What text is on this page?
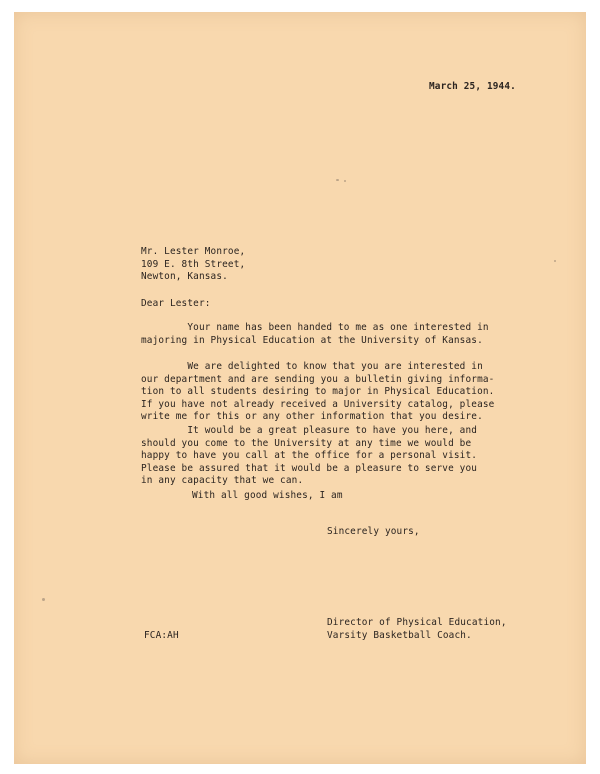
March 25, 1944.

Mr. Lester Monroe,
109 E. 8th Street,
Newton, Kansas.

Dear Lester:

Your name has been handed to me as one interested in
majoring in Physical Education at the University of Kansas.

We are delighted to know that you are interested in
our department and are sending you a bulletin giving informa-
tion to all students desiring to major in Physical Education.
If you have not already received a University catalog, please
write me for this or any other information that you desire.

It would be a great pleasure to have you here, and
should you come to the University at any time we would be
happy to have you call at the office for a personal visit.
Please be assured that it would be a pleasure to serve you
in any capacity that we can.

With all good wishes, I am

Sincerely yours,

Director of Physical Education,
Varsity Basketball Coach.

FCA:AH
